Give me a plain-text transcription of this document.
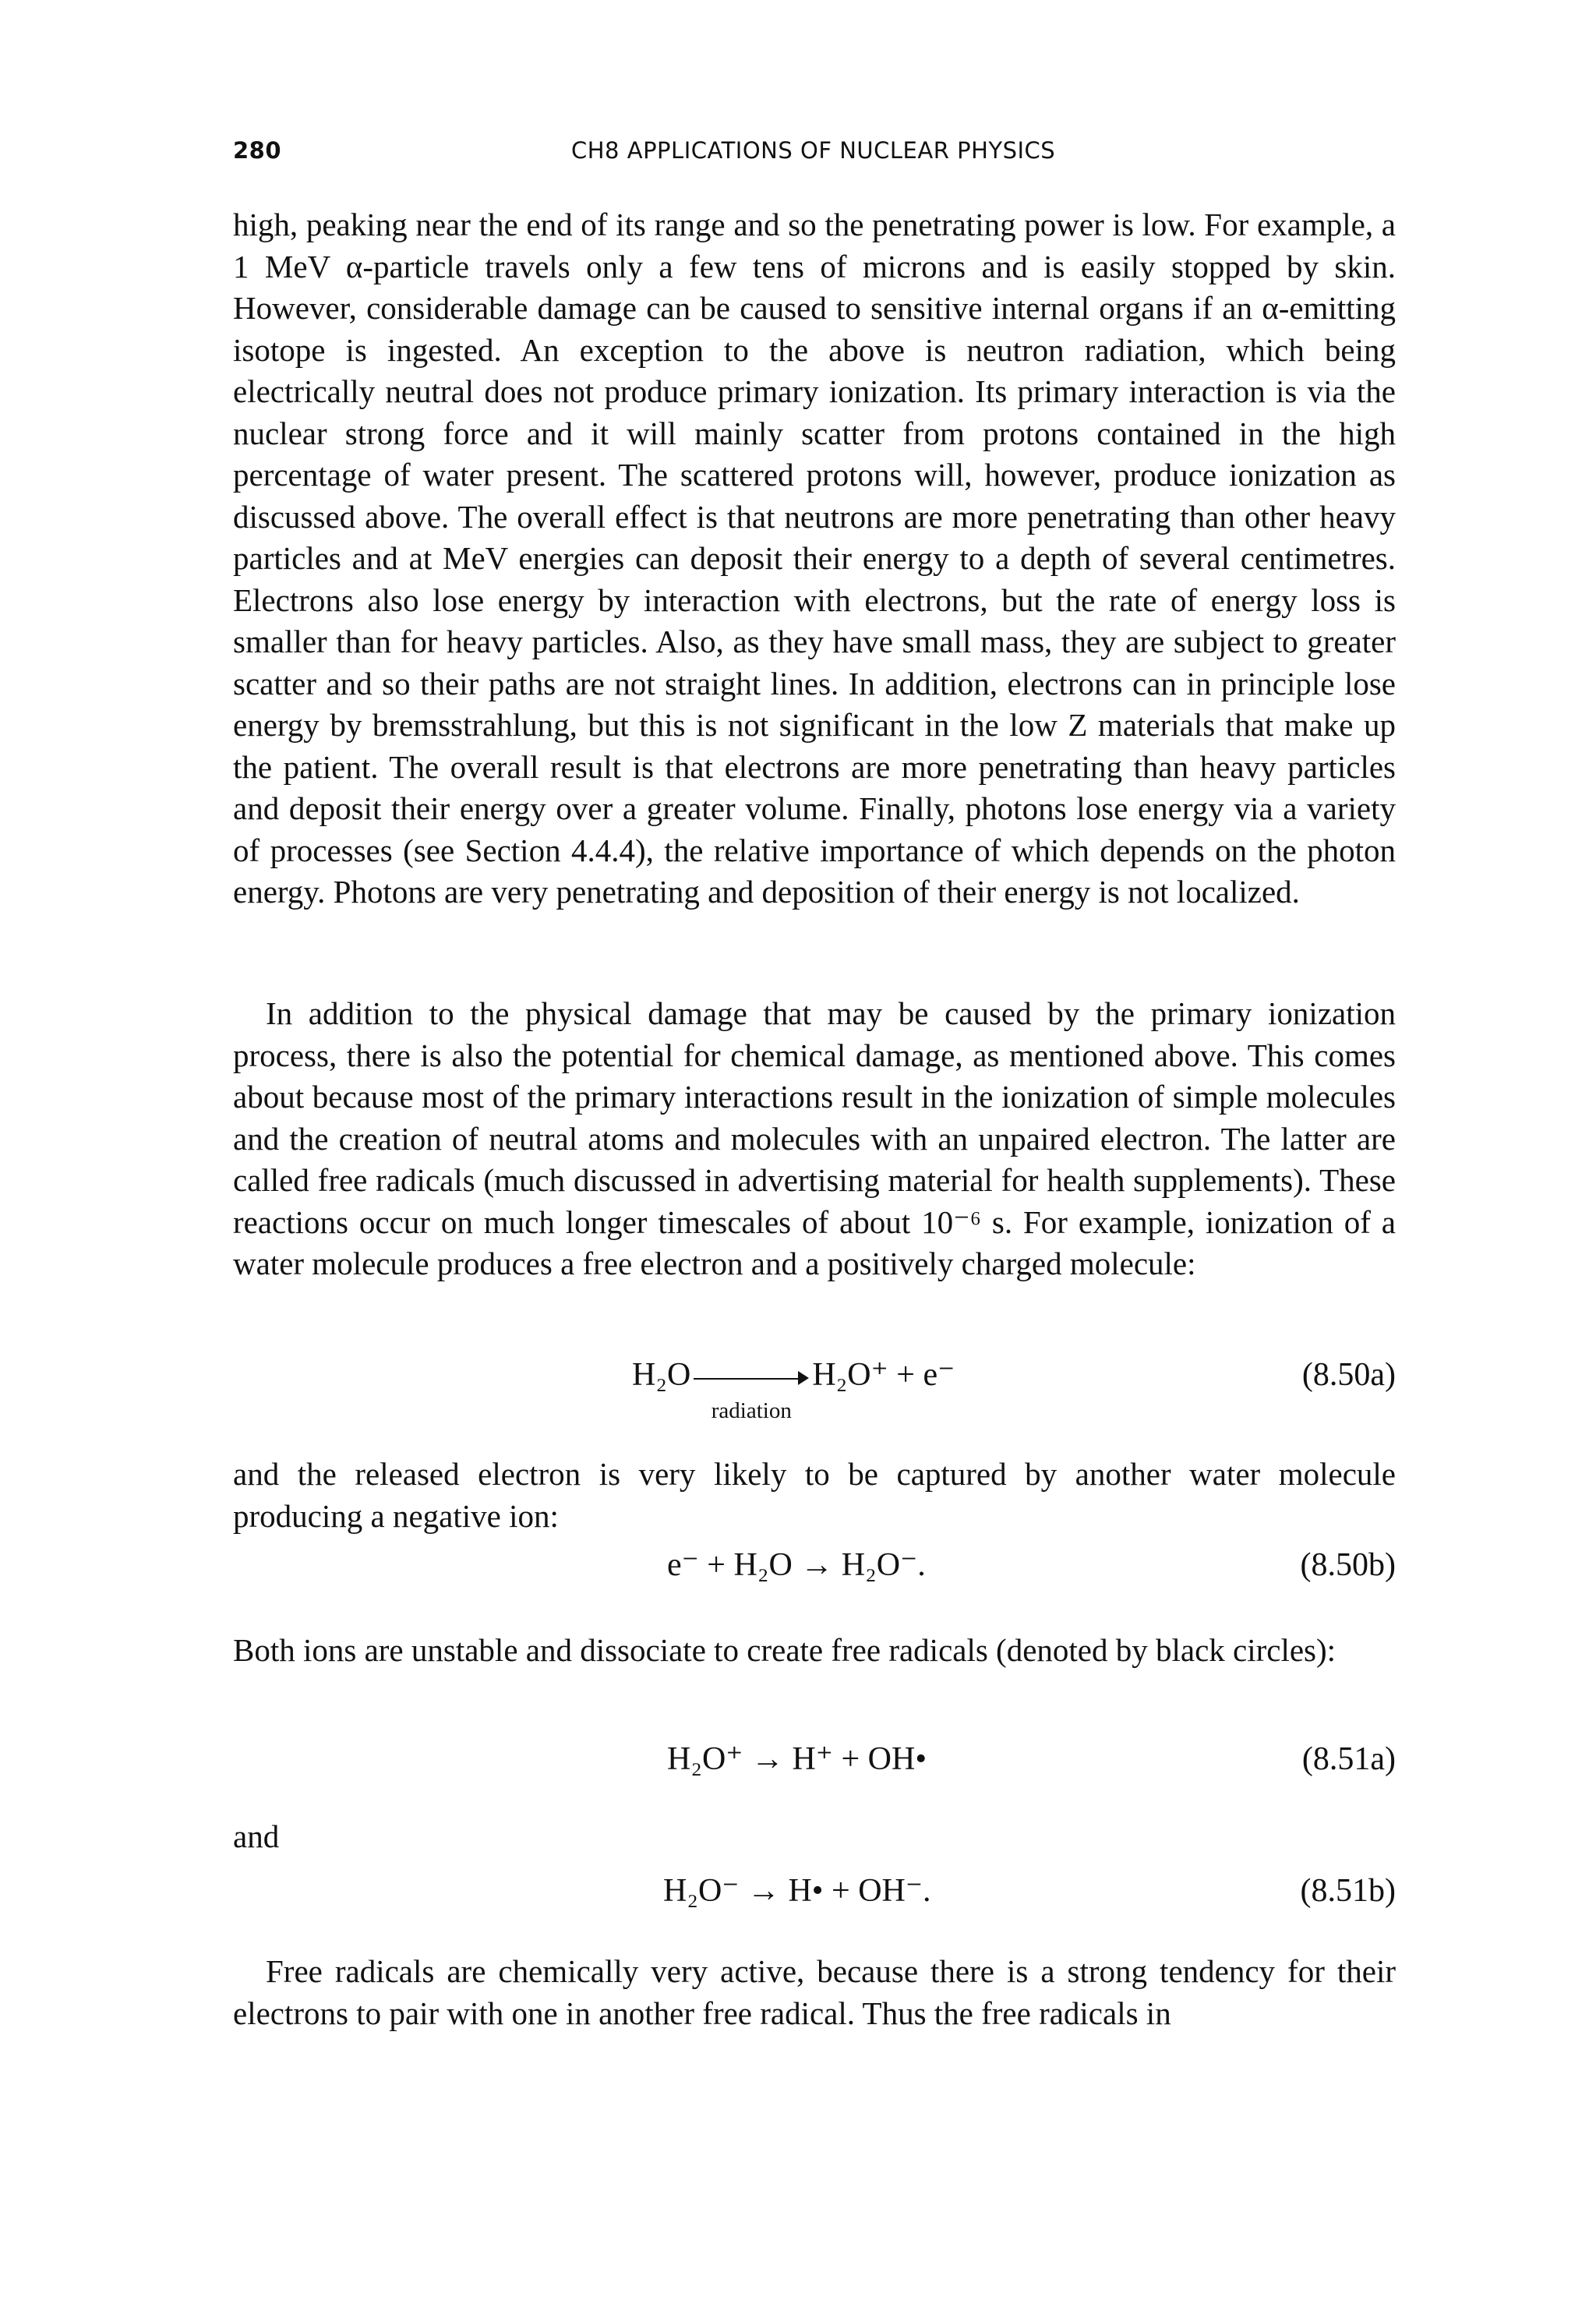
280	CH8 APPLICATIONS OF NUCLEAR PHYSICS

high, peaking near the end of its range and so the penetrating power is low. For example, a 1 MeV α-particle travels only a few tens of microns and is easily stopped by skin. However, considerable damage can be caused to sensitive internal organs if an α-emitting isotope is ingested. An exception to the above is neutron radiation, which being electrically neutral does not produce primary ionization. Its primary interaction is via the nuclear strong force and it will mainly scatter from protons contained in the high percentage of water present. The scattered protons will, however, produce ionization as discussed above. The overall effect is that neutrons are more penetrating than other heavy particles and at MeV energies can deposit their energy to a depth of several centimetres. Electrons also lose energy by interaction with electrons, but the rate of energy loss is smaller than for heavy particles. Also, as they have small mass, they are subject to greater scatter and so their paths are not straight lines. In addition, electrons can in principle lose energy by bremsstrahlung, but this is not significant in the low Z materials that make up the patient. The overall result is that electrons are more penetrating than heavy particles and deposit their energy over a greater volume. Finally, photons lose energy via a variety of processes (see Section 4.4.4), the relative importance of which depends on the photon energy. Photons are very penetrating and deposition of their energy is not localized.

In addition to the physical damage that may be caused by the primary ionization process, there is also the potential for chemical damage, as mentioned above. This comes about because most of the primary interactions result in the ionization of simple molecules and the creation of neutral atoms and molecules with an unpaired electron. The latter are called free radicals (much discussed in advertising material for health supplements). These reactions occur on much longer timescales of about 10⁻⁶ s. For example, ionization of a water molecule produces a free electron and a positively charged molecule:

H₂O
radiation
H₂O⁺ + e⁻	(8.50a)

and the released electron is very likely to be captured by another water molecule producing a negative ion:

e⁻ + H₂O → H₂O⁻.	(8.50b)

Both ions are unstable and dissociate to create free radicals (denoted by black circles):

H₂O⁺ → H⁺ + OH•	(8.51a)

and

H₂O⁻ → H• + OH⁻.	(8.51b)

Free radicals are chemically very active, because there is a strong tendency for their electrons to pair with one in another free radical. Thus the free radicals in
